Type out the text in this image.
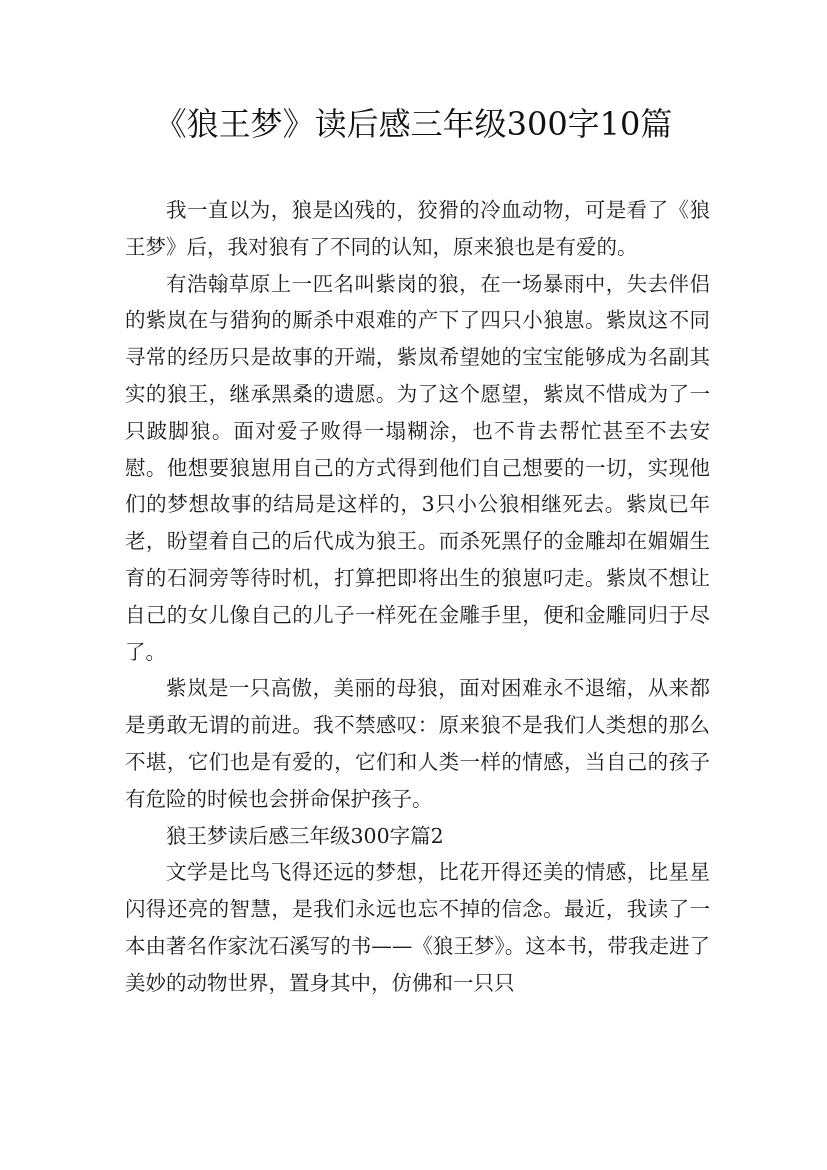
《狼王梦》读后感三年级300字10篇

我一直以为，狼是凶残的，狡猾的冷血动物，可是看了《狼王梦》后，我对狼有了不同的认知，原来狼也是有爱的。

有浩翰草原上一匹名叫紫岗的狼，在一场暴雨中，失去伴侣的紫岚在与猎狗的厮杀中艰难的产下了四只小狼崽。紫岚这不同寻常的经历只是故事的开端，紫岚希望她的宝宝能够成为名副其实的狼王，继承黑桑的遗愿。为了这个愿望，紫岚不惜成为了一只跛脚狼。面对爱子败得一塌糊涂，也不肯去帮忙甚至不去安慰。他想要狼崽用自己的方式得到他们自己想要的一切，实现他们的梦想故事的结局是这样的，3只小公狼相继死去。紫岚已年老，盼望着自己的后代成为狼王。而杀死黑仔的金雕却在媚媚生育的石洞旁等待时机，打算把即将出生的狼崽叼走。紫岚不想让自己的女儿像自己的儿子一样死在金雕手里，便和金雕同归于尽了。

紫岚是一只高傲，美丽的母狼，面对困难永不退缩，从来都是勇敢无谓的前进。我不禁感叹：原来狼不是我们人类想的那么不堪，它们也是有爱的，它们和人类一样的情感，当自己的孩子有危险的时候也会拼命保护孩子。

狼王梦读后感三年级300字篇2

文学是比鸟飞得还远的梦想，比花开得还美的情感，比星星闪得还亮的智慧，是我们永远也忘不掉的信念。最近，我读了一本由著名作家沈石溪写的书——《狼王梦》。这本书，带我走进了美妙的动物世界，置身其中，仿佛和一只只
